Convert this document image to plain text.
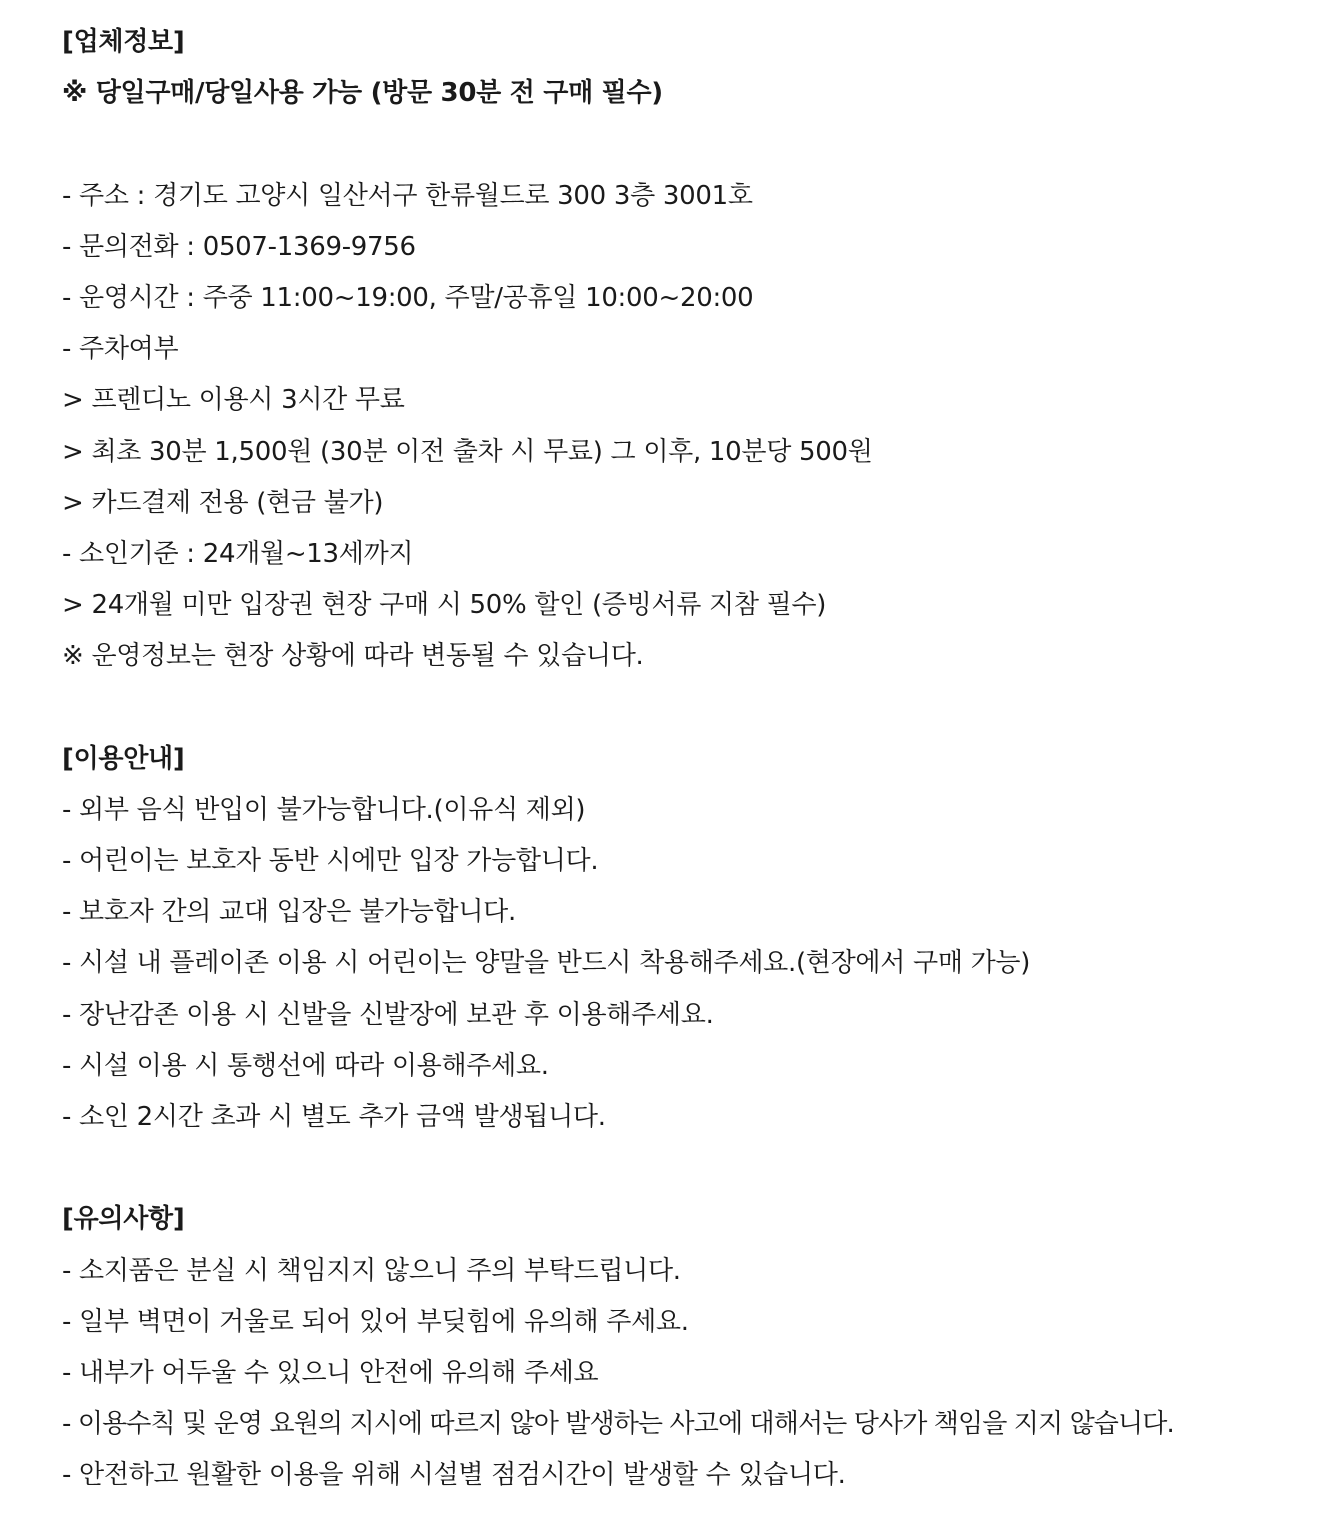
[업체정보]
※ 당일구매/당일사용 가능 (방문 30분 전 구매 필수)
- 주소 : 경기도 고양시 일산서구 한류월드로 300 3층 3001호
- 문의전화 : 0507-1369-9756
- 운영시간 : 주중 11:00~19:00, 주말/공휴일 10:00~20:00
- 주차여부
> 프렌디노 이용시 3시간 무료
> 최초 30분 1,500원 (30분 이전 출차 시 무료) 그 이후, 10분당 500원
> 카드결제 전용 (현금 불가)
- 소인기준 : 24개월~13세까지
> 24개월 미만 입장권 현장 구매 시 50% 할인 (증빙서류 지참 필수)
※ 운영정보는 현장 상황에 따라 변동될 수 있습니다.
[이용안내]
- 외부 음식 반입이 불가능합니다.(이유식 제외)
- 어린이는 보호자 동반 시에만 입장 가능합니다.
- 보호자 간의 교대 입장은 불가능합니다.
- 시설 내 플레이존 이용 시 어린이는 양말을 반드시 착용해주세요.(현장에서 구매 가능)
- 장난감존 이용 시 신발을 신발장에 보관 후 이용해주세요.
- 시설 이용 시 통행선에 따라 이용해주세요.
- 소인 2시간 초과 시 별도 추가 금액 발생됩니다.
[유의사항]
- 소지품은 분실 시 책임지지 않으니 주의 부탁드립니다.
- 일부 벽면이 거울로 되어 있어 부딪힘에 유의해 주세요.
- 내부가 어두울 수 있으니 안전에 유의해 주세요
- 이용수칙 및 운영 요원의 지시에 따르지 않아 발생하는 사고에 대해서는 당사가 책임을 지지 않습니다.
- 안전하고 원활한 이용을 위해 시설별 점검시간이 발생할 수 있습니다.
